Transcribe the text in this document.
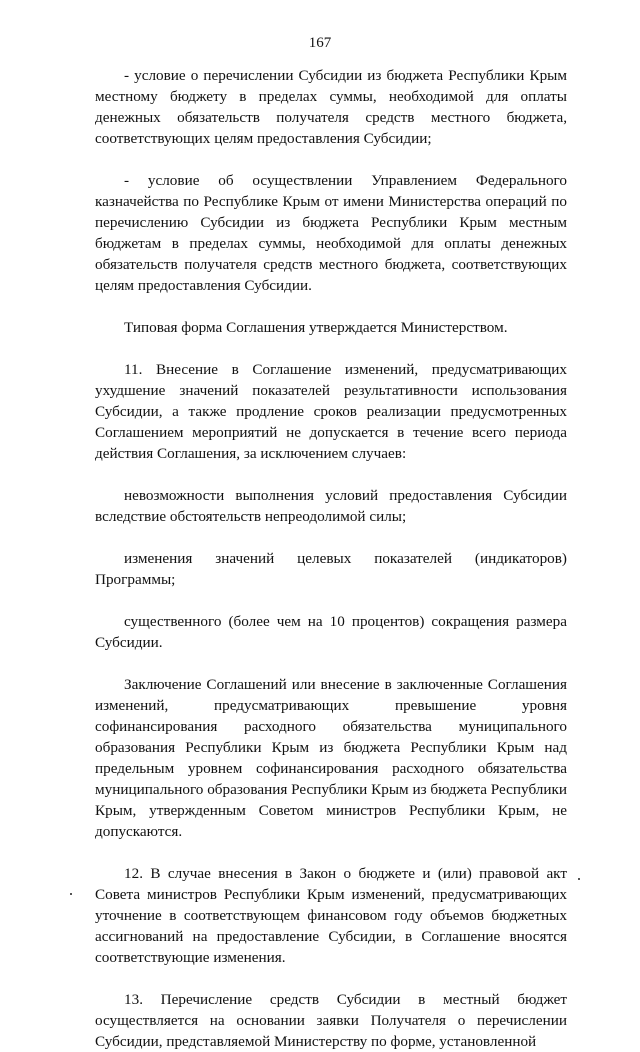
167

- условие о перечислении Субсидии из бюджета Республики Крым местному бюджету в пределах суммы, необходимой для оплаты денежных обязательств получателя средств местного бюджета, соответствующих целям предоставления Субсидии;

- условие об осуществлении Управлением Федерального казначейства по Республике Крым от имени Министерства операций по перечислению Субсидии из бюджета Республики Крым местным бюджетам в пределах суммы, необходимой для оплаты денежных обязательств получателя средств местного бюджета, соответствующих целям предоставления Субсидии.

Типовая форма Соглашения утверждается Министерством.

11. Внесение в Соглашение изменений, предусматривающих ухудшение значений показателей результативности использования Субсидии, а также продление сроков реализации предусмотренных Соглашением мероприятий не допускается в течение всего периода действия Соглашения, за исключением случаев:

невозможности выполнения условий предоставления Субсидии вследствие обстоятельств непреодолимой силы;

изменения значений целевых показателей (индикаторов) Программы;

существенного (более чем на 10 процентов) сокращения размера Субсидии.

Заключение Соглашений или внесение в заключенные Соглашения изменений, предусматривающих превышение уровня софинансирования расходного обязательства муниципального образования Республики Крым из бюджета Республики Крым над предельным уровнем софинансирования расходного обязательства муниципального образования Республики Крым из бюджета Республики Крым, утвержденным Советом министров Республики Крым, не допускаются.

12. В случае внесения в Закон о бюджете и (или) правовой акт Совета министров Республики Крым изменений, предусматривающих уточнение в соответствующем финансовом году объемов бюджетных ассигнований на предоставление Субсидии, в Соглашение вносятся соответствующие изменения.

13. Перечисление средств Субсидии в местный бюджет осуществляется на основании заявки Получателя о перечислении Субсидии, представляемой Министерству по форме, установленной
